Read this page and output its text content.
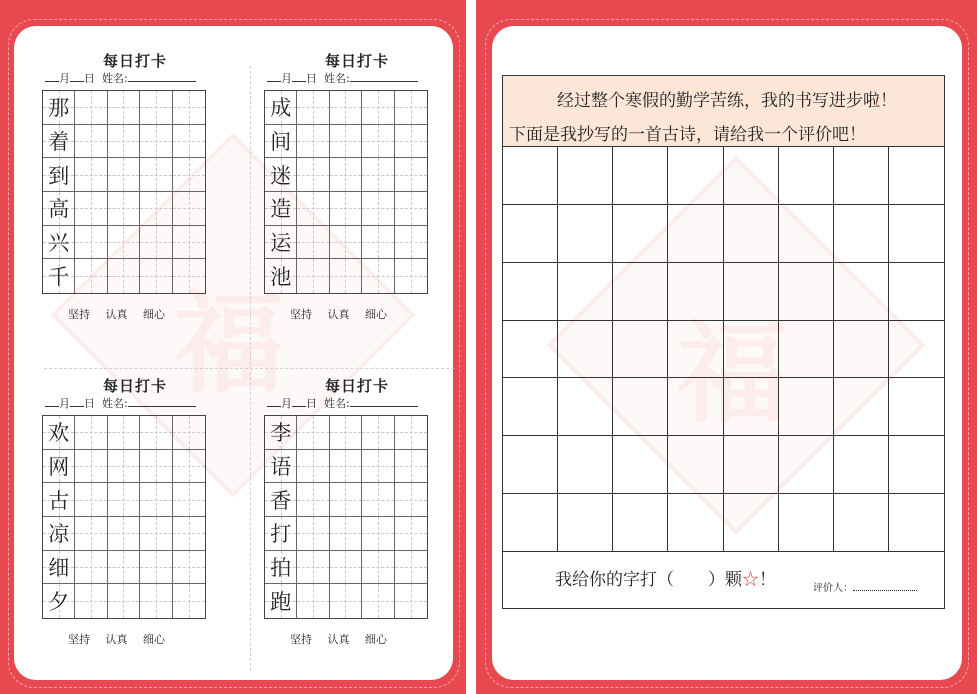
福	福
每日打卡
月 日 姓名:
那
着
到
高
兴
千
坚持 认真 细心
每日打卡
月 日 姓名:
成
间
迷
造
运
池
坚持 认真 细心
每日打卡
月 日 姓名:
欢
网
古
凉
细
夕
坚持 认真 细心
每日打卡
月 日 姓名:
李
语
香
打
拍
跑
坚持 认真 细心
经过整个寒假的勤学苦练，我的书写进步啦！
下面是我抄写的一首古诗，请给我一个评价吧！
我给你的字打（　　）颗☆！	评价人：
